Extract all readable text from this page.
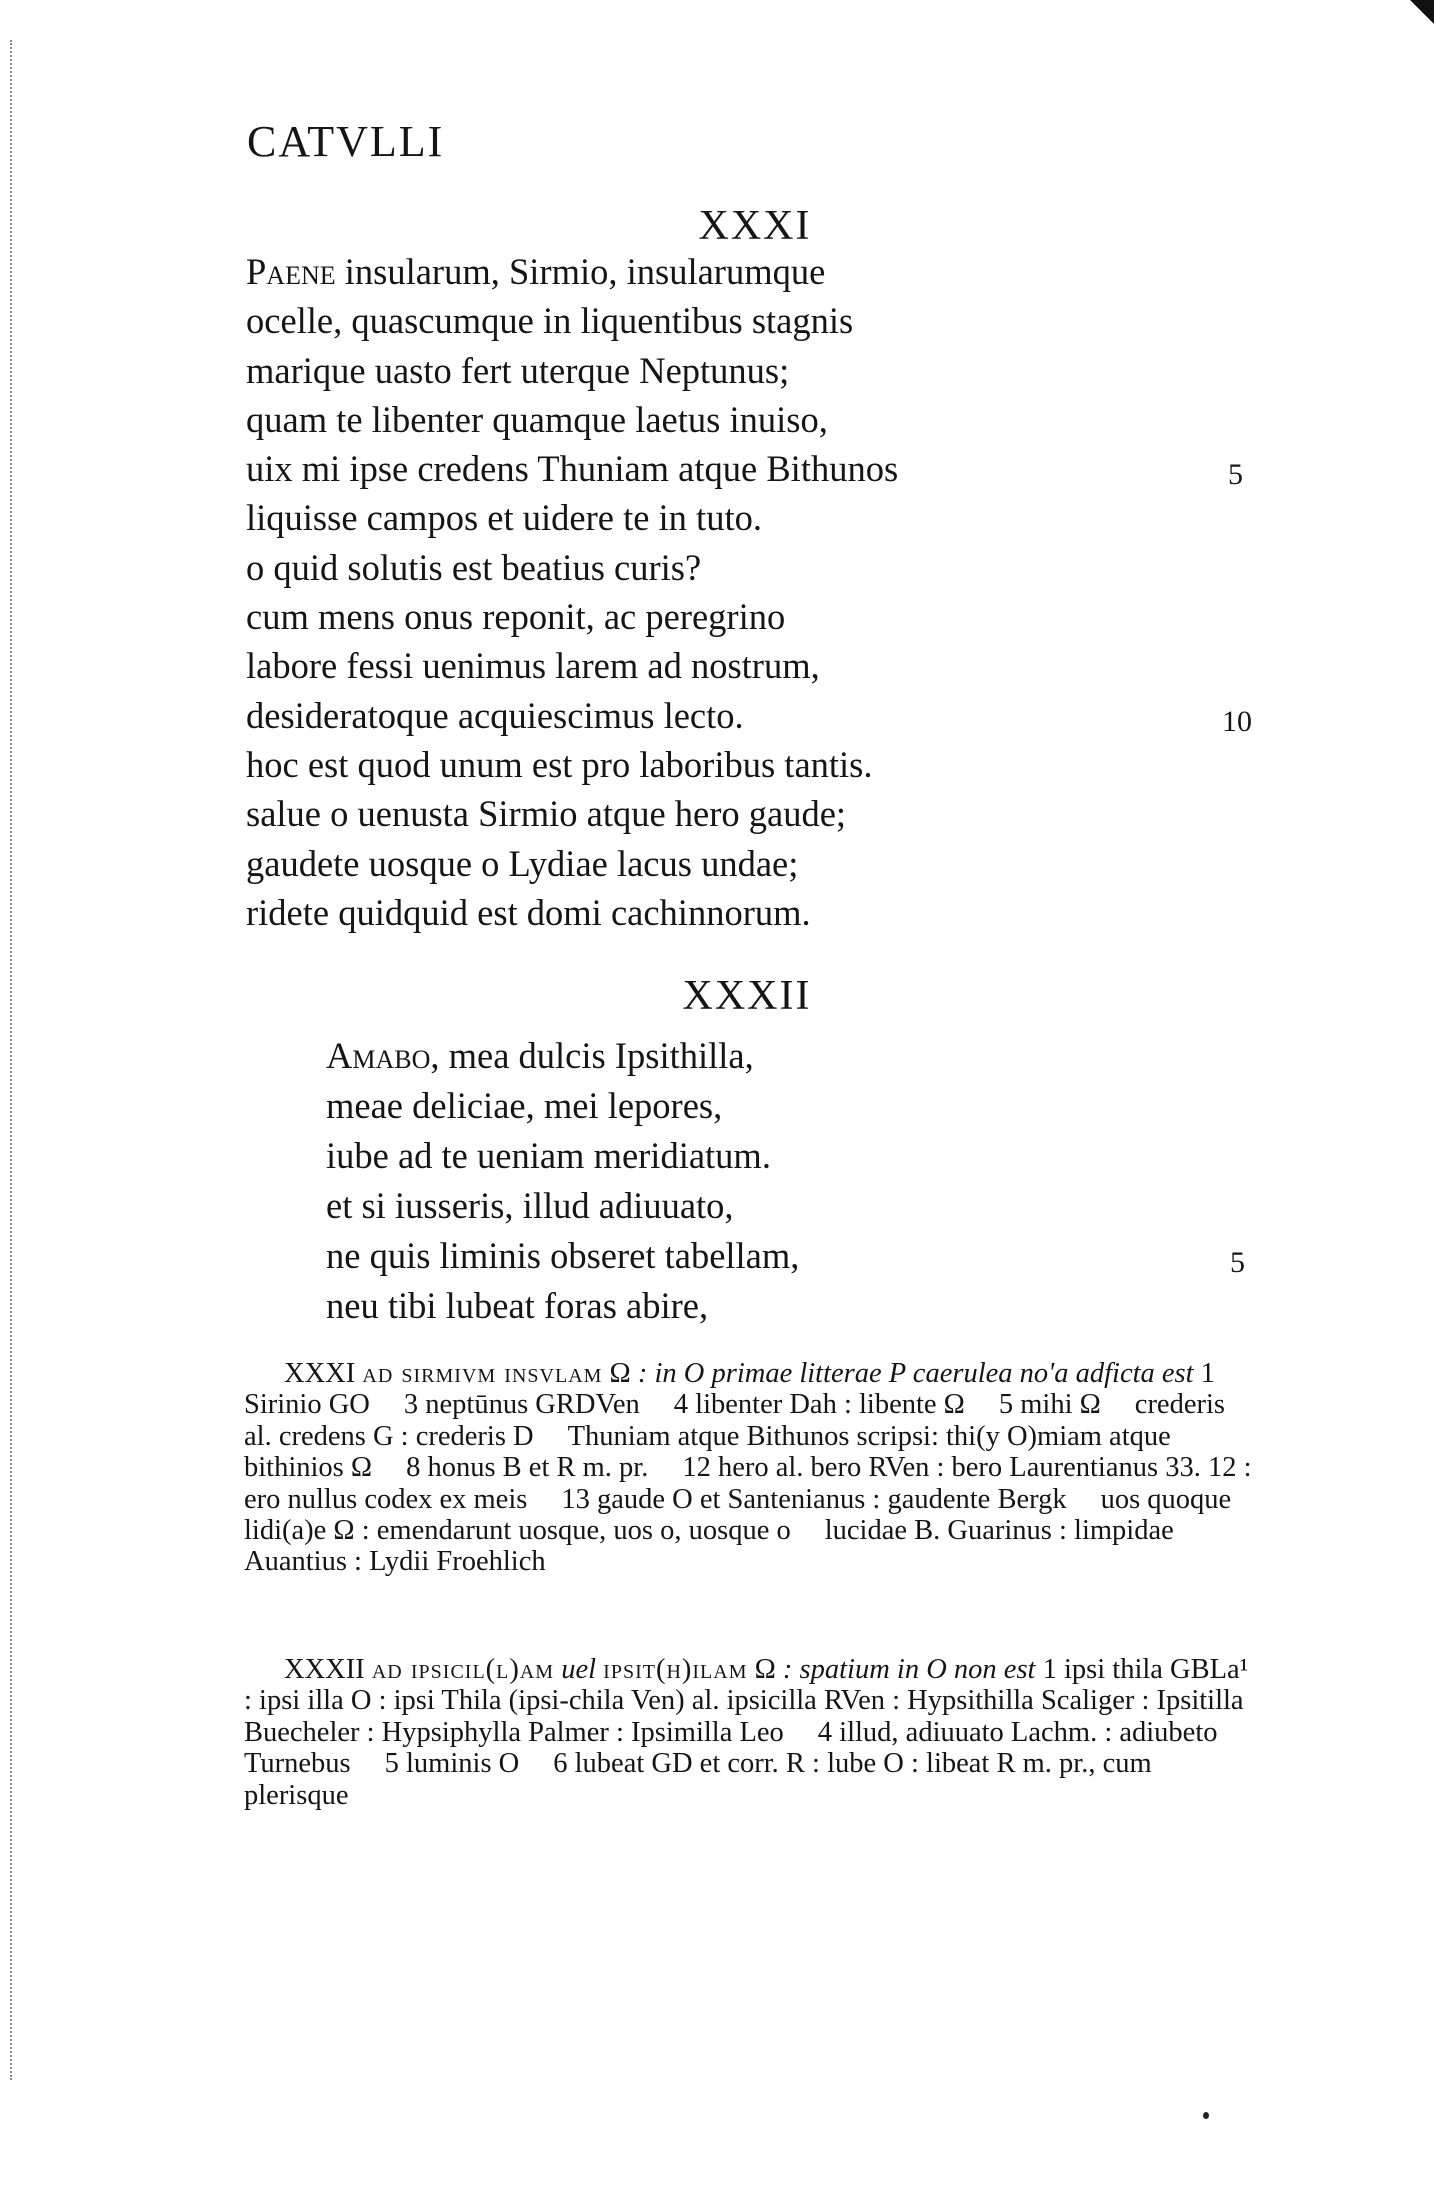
CATVLLI
XXXI
Paene insularum, Sirmio, insularumque
ocelle, quascumque in liquentibus stagnis
marique uasto fert uterque Neptunus;
quam te libenter quamque laetus inuiso,
uix mi ipse credens Thuniam atque Bithunos
liquisse campos et uidere te in tuto.
o quid solutis est beatius curis?
cum mens onus reponit, ac peregrino
labore fessi uenimus larem ad nostrum,
desideratoque acquiescimus lecto.
hoc est quod unum est pro laboribus tantis.
salue o uenusta Sirmio atque hero gaude;
gaudete uosque o Lydiae lacus undae;
ridete quidquid est domi cachinnorum.
5
10
XXXII
Amabo, mea dulcis Ipsithilla,
meae deliciae, mei lepores,
iube ad te ueniam meridiatum.
et si iusseris, illud adiuuato,
ne quis liminis obseret tabellam,
neu tibi lubeat foras abire,
5

XXXI ad sirmivm insvlam Ω : in O primae litterae P caerulea no'a adficta est 1 Sirinio GO 3 neptūnus GRDVen 4 libenter Dah : libente Ω 5 mihi Ω crederis al. credens G : crederis D Thuniam atque Bithunos scripsi: thi(y O)miam atque bithinios Ω 8 honus B et R m. pr. 12 hero al. bero RVen : bero Laurentianus 33. 12 : ero nullus codex ex meis 13 gaude O et Santenianus : gaudente Bergk uos quoque lidi(a)e Ω : emendarunt uosque, uos o, uosque o lucidae B. Guarinus : limpidae Auantius : Lydii Froehlich

XXXII ad ipsicil(l)am uel ipsit(h)ilam Ω : spatium in O non est 1 ipsi thila GBLa¹ : ipsi illa O : ipsi Thila (ipsi-chila Ven) al. ipsicilla RVen : Hypsithilla Scaliger : Ipsitilla Buecheler : Hypsiphylla Palmer : Ipsimilla Leo 4 illud, adiuuato Lachm. : adiubeto Turnebus 5 luminis O 6 lubeat GD et corr. R : lube O : libeat R m. pr., cum plerisque
